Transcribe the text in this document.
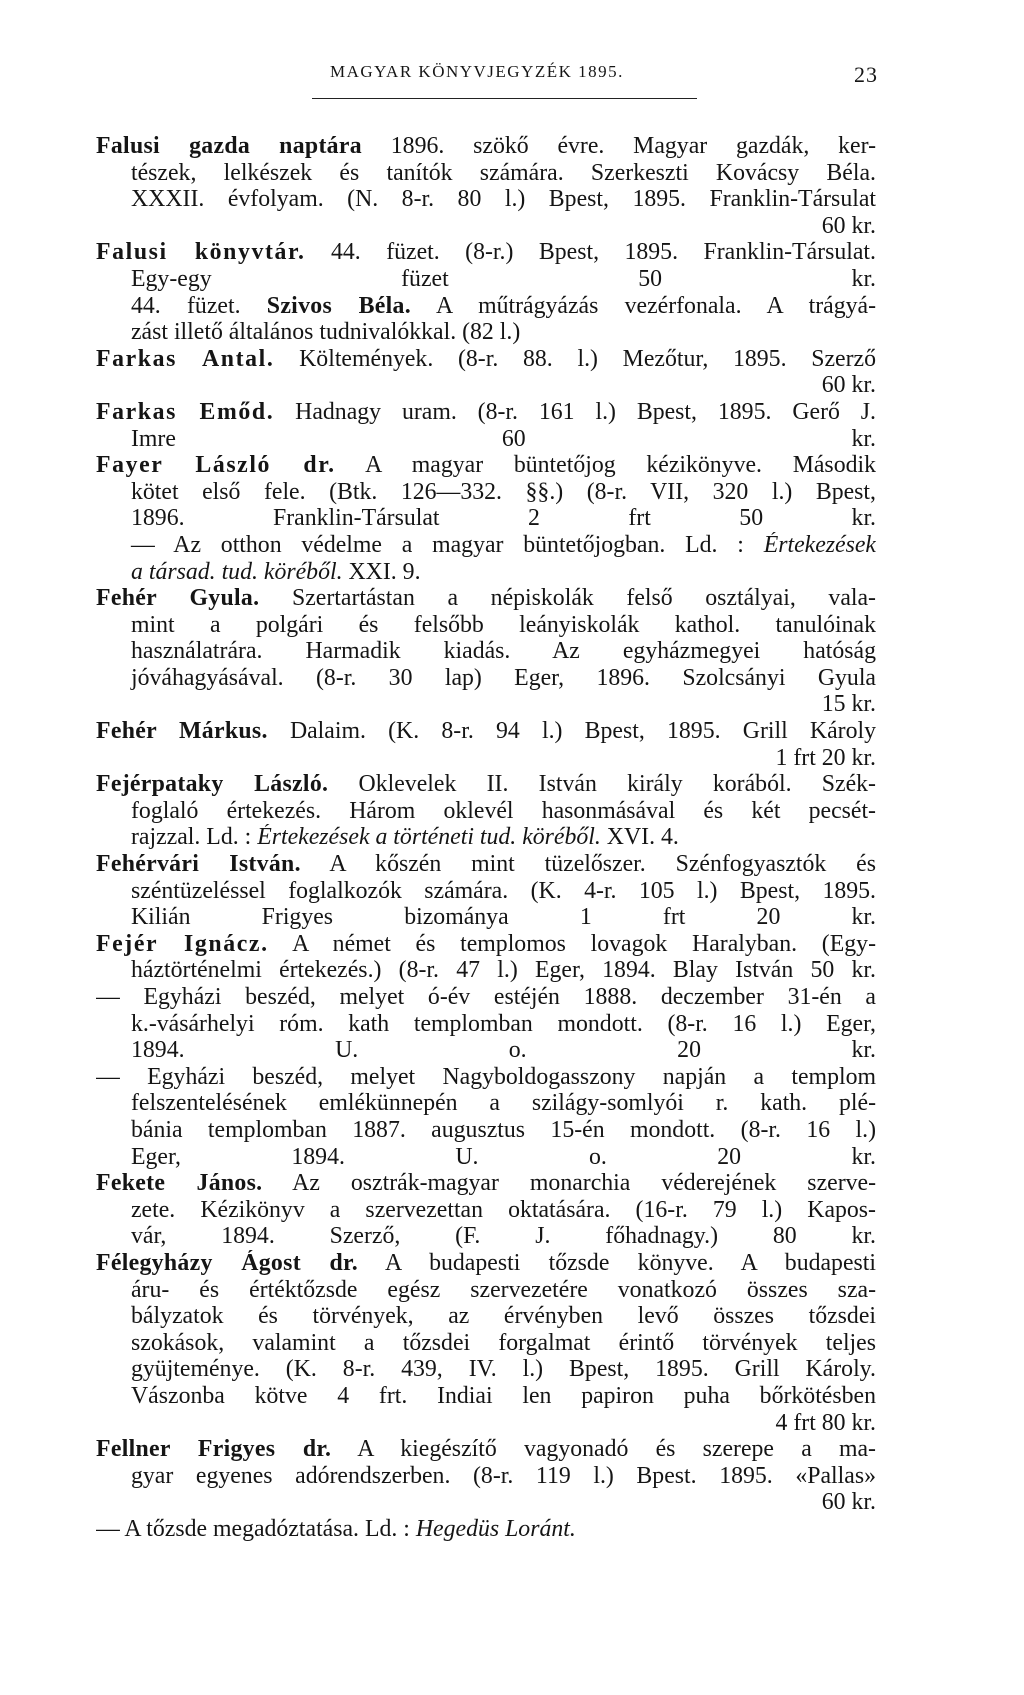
MAGYAR KÖNYVJEGYZÉK 1895.	23
Falusi gazda naptára 1896. szökő évre. Magyar gazdák, ker-
tészek, lelkészek és tanítók számára. Szerkeszti Kovácsy Béla.
XXXII. évfolyam. (N. 8-r. 80 l.) Bpest, 1895. Franklin-Társulat
60 kr.
Falusi könyvtár. 44. füzet. (8-r.) Bpest, 1895. Franklin-Társulat.
Egy-egy füzet	50 kr.
44. füzet. Szivos Béla. A műtrágyázás vezérfonala. A trágyá-
zást illető általános tudnivalókkal. (82 l.)
Farkas Antal. Költemények. (8-r. 88. l.) Mezőtur, 1895. Szerző
60 kr.
Farkas Emőd. Hadnagy uram. (8-r. 161 l.) Bpest, 1895. Gerő J.
Imre	60 kr.
Fayer László dr. A magyar büntetőjog kézikönyve. Második
kötet első fele. (Btk. 126—332. §§.) (8-r. VII, 320 l.) Bpest,
1896. Franklin-Társulat	2 frt 50 kr.
— Az otthon védelme a magyar büntetőjogban. Ld. : Értekezések
a társad. tud. köréből. XXI. 9.
Fehér Gyula. Szertartástan a népiskolák felső osztályai, vala-
mint a polgári és felsőbb leányiskolák kathol. tanulóinak
használatrára. Harmadik kiadás. Az egyházmegyei hatóság
jóváhagyásával. (8-r. 30 lap) Eger, 1896. Szolcsányi Gyula
15 kr.
Fehér Márkus. Dalaim. (K. 8-r. 94 l.) Bpest, 1895. Grill Károly
1 frt 20 kr.
Fejérpataky László. Oklevelek II. István király korából. Szék-
foglaló értekezés. Három oklevél hasonmásával és két pecsét-
rajzzal. Ld. : Értekezések a történeti tud. köréből. XVI. 4.
Fehérvári István. A kőszén mint tüzelőszer. Szénfogyasztók és
széntüzeléssel foglalkozók számára. (K. 4-r. 105 l.) Bpest, 1895.
Kilián Frigyes bizománya	1 frt 20 kr.
Fejér Ignácz. A német és templomos lovagok Haralyban. (Egy-
háztörténelmi értekezés.) (8-r. 47 l.) Eger, 1894. Blay István 50 kr.
— Egyházi beszéd, melyet ó-év estéjén 1888. deczember 31-én a
k.-vásárhelyi róm. kath templomban mondott. (8-r. 16 l.) Eger,
1894. U. o.	20 kr.
— Egyházi beszéd, melyet Nagyboldogasszony napján a templom
felszentelésének emlékünnepén a szilágy-somlyói r. kath. plé-
bánia templomban 1887. augusztus 15-én mondott. (8-r. 16 l.)
Eger, 1894. U. o.	20 kr.
Fekete János. Az osztrák-magyar monarchia véderejének szerve-
zete. Kézikönyv a szervezettan oktatására. (16-r. 79 l.) Kapos-
vár, 1894. Szerző, (F. J. főhadnagy.) 80 kr.
Félegyházy Ágost dr. A budapesti tőzsde könyve. A budapesti
áru- és értéktőzsde egész szervezetére vonatkozó összes sza-
bályzatok és törvények, az érvényben levő összes tőzsdei
szokások, valamint a tőzsdei forgalmat érintő törvények teljes
gyüjteménye. (K. 8-r. 439, IV. l.) Bpest, 1895. Grill Károly.
Vászonba kötve 4 frt. Indiai len papiron puha bőrkötésben
4 frt 80 kr.
Fellner Frigyes dr. A kiegészítő vagyonadó és szerepe a ma-
gyar egyenes adórendszerben. (8-r. 119 l.) Bpest. 1895. «Pallas»
60 kr.
— A tőzsde megadóztatása. Ld. : Hegedüs Loránt.
